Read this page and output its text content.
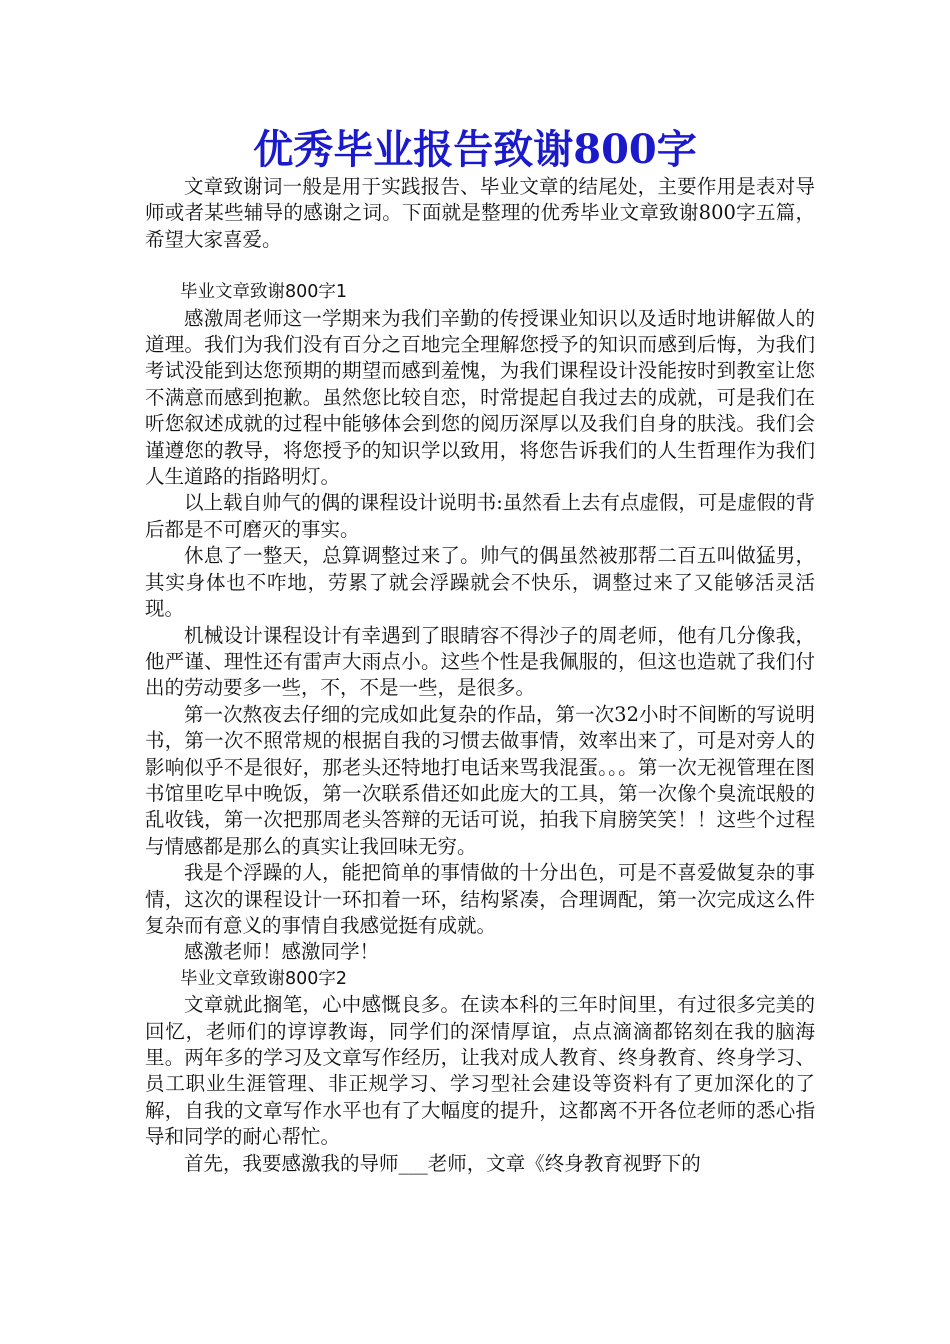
优秀毕业报告致谢800字

文章致谢词一般是用于实践报告、毕业文章的结尾处，主要作用是表对导师或者某些辅导的感谢之词。下面就是整理的优秀毕业文章致谢800字五篇，希望大家喜爱。

毕业文章致谢800字1

感激周老师这一学期来为我们辛勤的传授课业知识以及适时地讲解做人的道理。我们为我们没有百分之百地完全理解您授予的知识而感到后悔，为我们考试没能到达您预期的期望而感到羞愧，为我们课程设计没能按时到教室让您不满意而感到抱歉。虽然您比较自恋，时常提起自我过去的成就，可是我们在听您叙述成就的过程中能够体会到您的阅历深厚以及我们自身的肤浅。我们会谨遵您的教导，将您授予的知识学以致用，将您告诉我们的人生哲理作为我们人生道路的指路明灯。

以上载自帅气的偶的课程设计说明书:虽然看上去有点虚假，可是虚假的背后都是不可磨灭的事实。

休息了一整天，总算调整过来了。帅气的偶虽然被那帮二百五叫做猛男，其实身体也不咋地，劳累了就会浮躁就会不快乐，调整过来了又能够活灵活现。

机械设计课程设计有幸遇到了眼睛容不得沙子的周老师，他有几分像我，他严谨、理性还有雷声大雨点小。这些个性是我佩服的，但这也造就了我们付出的劳动要多一些，不，不是一些，是很多。

第一次熬夜去仔细的完成如此复杂的作品，第一次32小时不间断的写说明书，第一次不照常规的根据自我的习惯去做事情，效率出来了，可是对旁人的影响似乎不是很好，那老头还特地打电话来骂我混蛋。。。第一次无视管理在图书馆里吃早中晚饭，第一次联系借还如此庞大的工具，第一次像个臭流氓般的乱收钱，第一次把那周老头答辩的无话可说，拍我下肩膀笑笑！！这些个过程与情感都是那么的真实让我回味无穷。

我是个浮躁的人，能把简单的事情做的十分出色，可是不喜爱做复杂的事情，这次的课程设计一环扣着一环，结构紧凑，合理调配，第一次完成这么件复杂而有意义的事情自我感觉挺有成就。

感激老师！感激同学！

毕业文章致谢800字2

文章就此搁笔，心中感慨良多。在读本科的三年时间里，有过很多完美的回忆，老师们的谆谆教诲，同学们的深情厚谊，点点滴滴都铭刻在我的脑海里。两年多的学习及文章写作经历，让我对成人教育、终身教育、终身学习、员工职业生涯管理、非正规学习、学习型社会建设等资料有了更加深化的了解，自我的文章写作水平也有了大幅度的提升，这都离不开各位老师的悉心指导和同学的耐心帮忙。

首先，我要感激我的导师___老师，文章《终身教育视野下的
